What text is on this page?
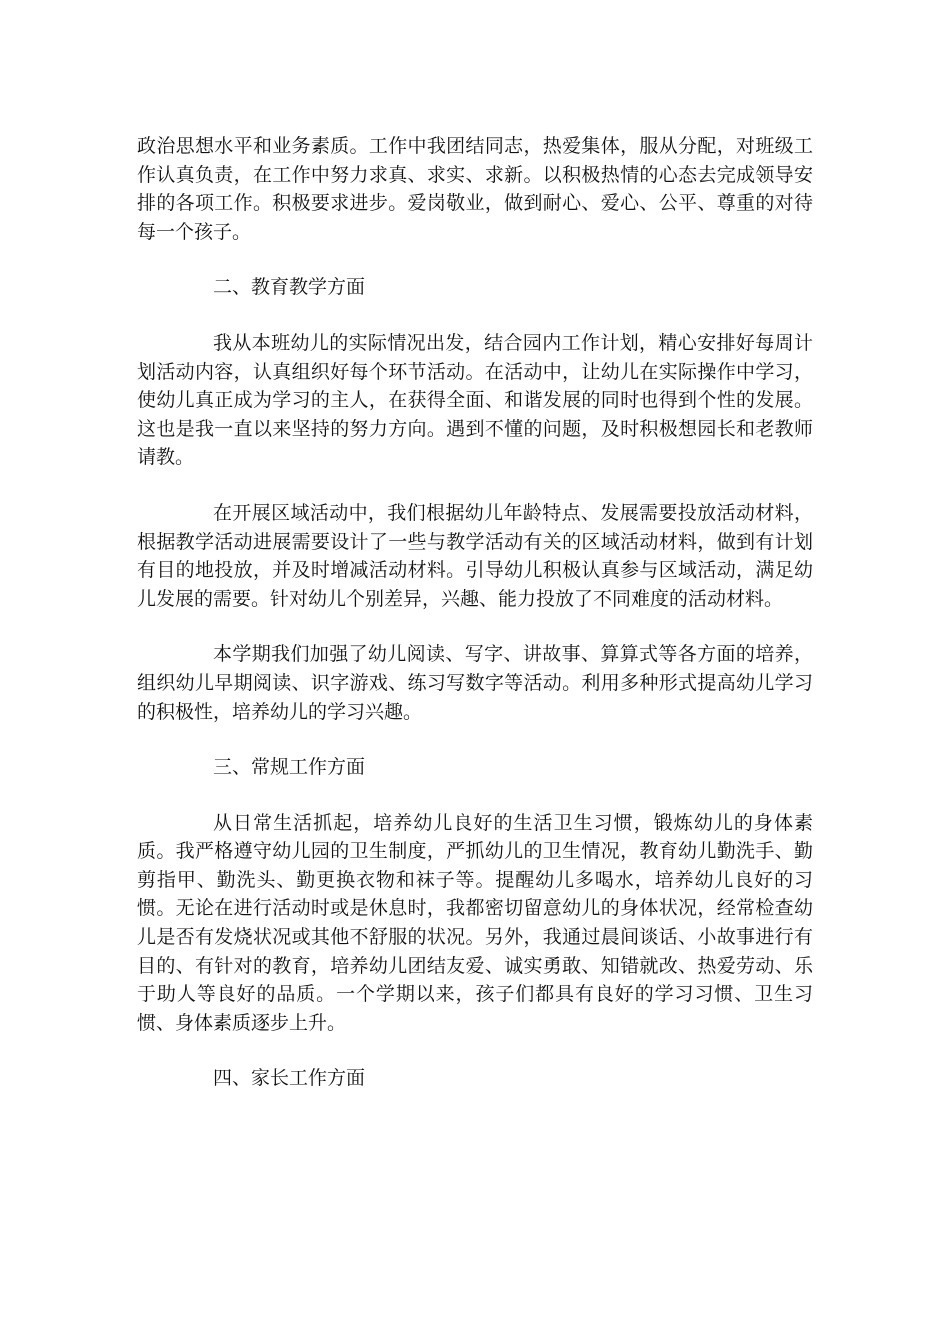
政治思想水平和业务素质。工作中我团结同志，热爱集体，服从分配，对班级工作认真负责，在工作中努力求真、求实、求新。以积极热情的心态去完成领导安排的各项工作。积极要求进步。爱岗敬业，做到耐心、爱心、公平、尊重的对待每一个孩子。

二、教育教学方面

我从本班幼儿的实际情况出发，结合园内工作计划，精心安排好每周计划活动内容，认真组织好每个环节活动。在活动中，让幼儿在实际操作中学习，使幼儿真正成为学习的主人，在获得全面、和谐发展的同时也得到个性的发展。这也是我一直以来坚持的努力方向。遇到不懂的问题，及时积极想园长和老教师请教。

在开展区域活动中，我们根据幼儿年龄特点、发展需要投放活动材料，根据教学活动进展需要设计了一些与教学活动有关的区域活动材料，做到有计划有目的地投放，并及时增减活动材料。引导幼儿积极认真参与区域活动，满足幼儿发展的需要。针对幼儿个别差异，兴趣、能力投放了不同难度的活动材料。

本学期我们加强了幼儿阅读、写字、讲故事、算算式等各方面的培养，组织幼儿早期阅读、识字游戏、练习写数字等活动。利用多种形式提高幼儿学习的积极性，培养幼儿的学习兴趣。

三、常规工作方面

从日常生活抓起，培养幼儿良好的生活卫生习惯，锻炼幼儿的身体素质。我严格遵守幼儿园的卫生制度，严抓幼儿的卫生情况，教育幼儿勤洗手、勤剪指甲、勤洗头、勤更换衣物和袜子等。提醒幼儿多喝水，培养幼儿良好的习惯。无论在进行活动时或是休息时，我都密切留意幼儿的身体状况，经常检查幼儿是否有发烧状况或其他不舒服的状况。另外，我通过晨间谈话、小故事进行有目的、有针对的教育，培养幼儿团结友爱、诚实勇敢、知错就改、热爱劳动、乐于助人等良好的品质。一个学期以来，孩子们都具有良好的学习习惯、卫生习惯、身体素质逐步上升。

四、家长工作方面
